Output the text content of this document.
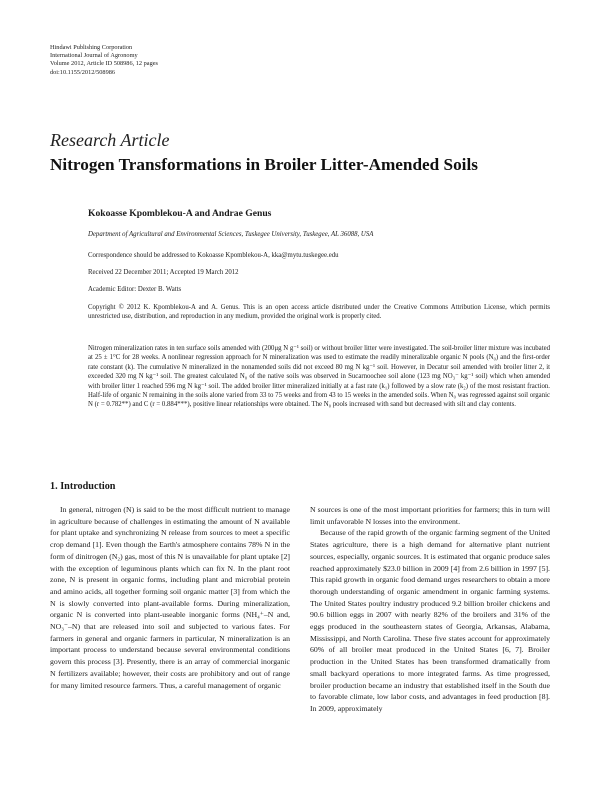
Hindawi Publishing Corporation
International Journal of Agronomy
Volume 2012, Article ID 508986, 12 pages
doi:10.1155/2012/508986
Research Article
Nitrogen Transformations in Broiler Litter-Amended Soils
Kokoasse Kpomblekou-A and Andrae Genus
Department of Agricultural and Environmental Sciences, Tuskegee University, Tuskegee, AL 36088, USA
Correspondence should be addressed to Kokoasse Kpomblekou-A, kka@mytu.tuskegee.edu
Received 22 December 2011; Accepted 19 March 2012
Academic Editor: Dexter B. Watts
Copyright © 2012 K. Kpomblekou-A and A. Genus. This is an open access article distributed under the Creative Commons Attribution License, which permits unrestricted use, distribution, and reproduction in any medium, provided the original work is properly cited.
Nitrogen mineralization rates in ten surface soils amended with (200μg N g⁻¹ soil) or without broiler litter were investigated. The soil-broiler litter mixture was incubated at 25 ± 1°C for 28 weeks. A nonlinear regression approach for N mineralization was used to estimate the readily mineralizable organic N pools (N₀) and the first-order rate constant (k). The cumulative N mineralized in the nonamended soils did not exceed 80 mg N kg⁻¹ soil. However, in Decatur soil amended with broiler litter 2, it exceeded 320 mg N kg⁻¹ soil. The greatest calculated N₀ of the native soils was observed in Sucarnoochee soil alone (123 mg NO₃⁻ kg⁻¹ soil) which when amended with broiler litter 1 reached 596 mg N kg⁻¹ soil. The added broiler litter mineralized initially at a fast rate (k₁) followed by a slow rate (k₂) of the most resistant fraction. Half-life of organic N remaining in the soils alone varied from 33 to 75 weeks and from 43 to 15 weeks in the amended soils. When N₀ was regressed against soil organic N (r = 0.782**) and C (r = 0.884***), positive linear relationships were obtained. The N₀ pools increased with sand but decreased with silt and clay contents.
1. Introduction
In general, nitrogen (N) is said to be the most difficult nutrient to manage in agriculture because of challenges in estimating the amount of N available for plant uptake and synchronizing N release from sources to meet a specific crop demand [1]. Even though the Earth's atmosphere contains 78% N in the form of dinitrogen (N₂) gas, most of this N is unavailable for plant uptake [2] with the exception of leguminous plants which can fix N. In the plant root zone, N is present in organic forms, including plant and microbial protein and amino acids, all together forming soil organic matter [3] from which the N is slowly converted into plant-available forms. During mineralization, organic N is converted into plant-useable inorganic forms (NH₄⁺–N and, NO₃⁻–N) that are released into soil and subjected to various fates. For farmers in general and organic farmers in particular, N mineralization is an important process to understand because several environmental conditions govern this process [3]. Presently, there is an array of commercial inorganic N fertilizers available; however, their costs are prohibitory and out of range for many limited resource farmers. Thus, a careful management of organic

N sources is one of the most important priorities for farmers; this in turn will limit unfavorable N losses into the environment.

Because of the rapid growth of the organic farming segment of the United States agriculture, there is a high demand for alternative plant nutrient sources, especially, organic sources. It is estimated that organic produce sales reached approximately $23.0 billion in 2009 [4] from 2.6 billion in 1997 [5]. This rapid growth in organic food demand urges researchers to obtain a more thorough understanding of organic amendment in organic farming systems. The United States poultry industry produced 9.2 billion broiler chickens and 90.6 billion eggs in 2007 with nearly 82% of the broilers and 31% of the eggs produced in the southeastern states of Georgia, Arkansas, Alabama, Mississippi, and North Carolina. These five states account for approximately 60% of all broiler meat produced in the United States [6, 7]. Broiler production in the United States has been transformed dramatically from small backyard operations to more integrated farms. As time progressed, broiler production became an industry that established itself in the South due to favorable climate, low labor costs, and advantages in feed production [8]. In 2009, approximately
